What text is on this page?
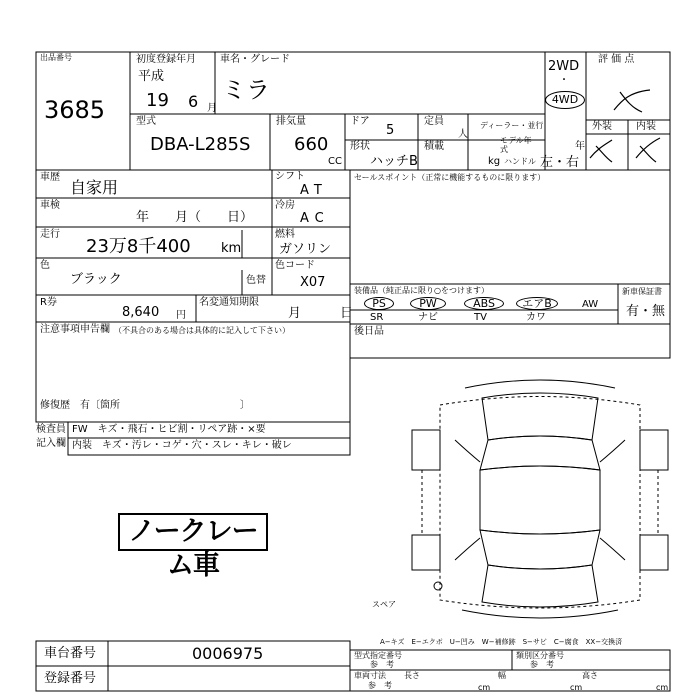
出品番号
3685
初度登録年月
平成
19 6 月
車名・グレード
ミラ
2WD
・
4WD
評 価 点
外装 内装
型式
DBA-L285S
排気量
660
CC
ドア
5
形状
ハッチB
定員
人
積載
kg
ディーラー・並行
モデル年式	年
ハンドル 左・右
車歴
自家用
車検
年　　月（　　日）
走行
23万8千400 km
色
ブラック	色替
R券
8,640 円
名変通知期限
月　　　日
シフト
AT
冷房
AC
燃料
ガソリン
色コード
X07
セールスポイント（正常に機能するものに限ります）
装備品（純正品に限り○をつけます）
PS	PW	ABS	エアB	AW
SR	ナビ	TV	カワ
新車保証書
有・無
後日品
注意事項申告欄 （不具合のある場合は具体的に記入して下さい）
修復歴　有〔箇所　　　　　　　　　　　　〕
検査員
記入欄
FW　キズ・飛石・ヒビ割・リペア跡・×要
内装　キズ・汚レ・コゲ・穴・スレ・キレ・破レ
ノークレーム車
スペア
A−キズ　E−エクボ　U−凹み　W−補修跡　S−サビ　C−腐食　XX−交換済
車台番号	0006975
登録番号
型式指定番号
参　考
類別区分番号
参　考
車両寸法
参　考
長さ
cm
幅
cm
高さ
cm
